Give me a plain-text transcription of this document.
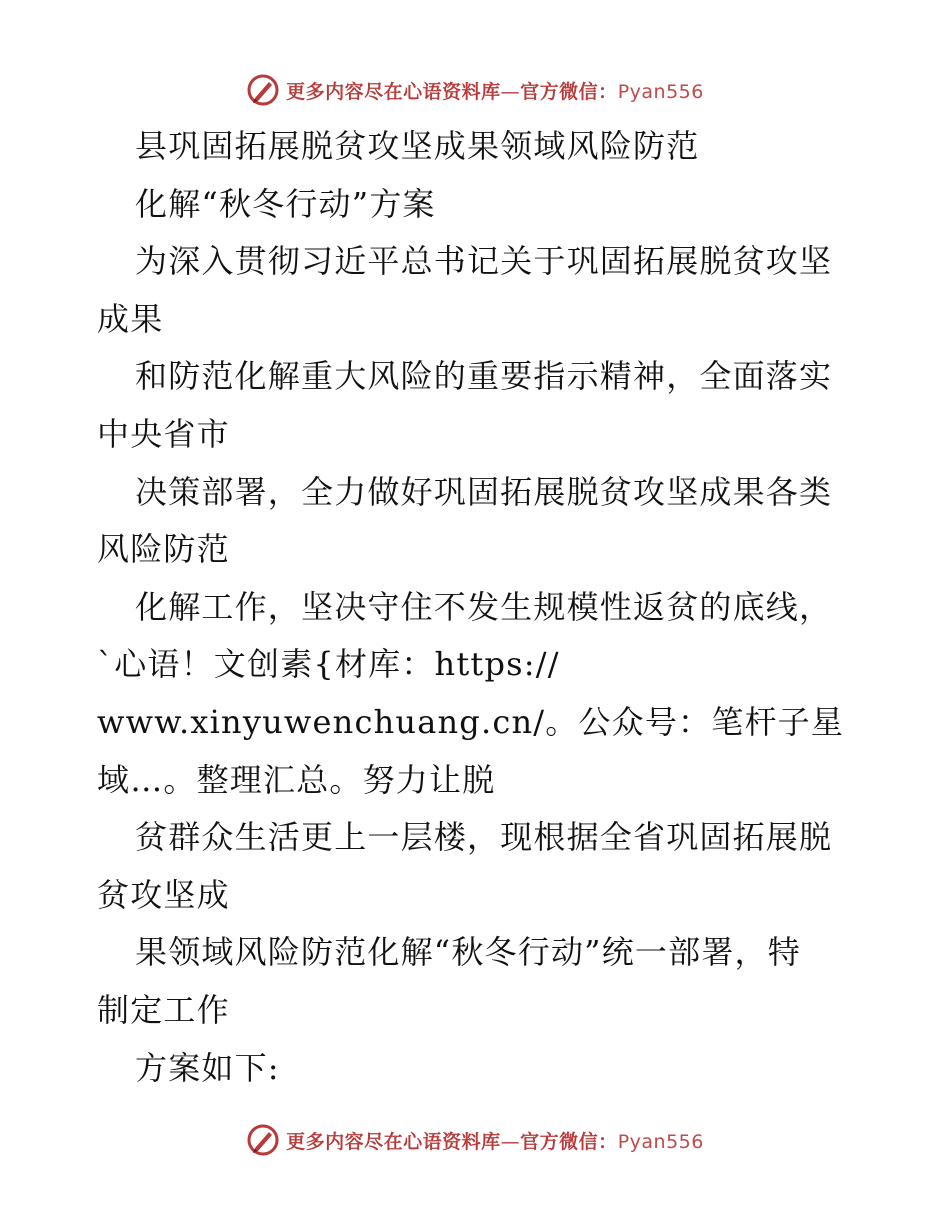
更多内容尽在心语资料库—官方微信：Pyan556
县巩固拓展脱贫攻坚成果领域风险防范
化解“秋冬行动”方案
为深入贯彻习近平总书记关于巩固拓展脱贫攻坚
成果
和防范化解重大风险的重要指示精神，全面落实
中央省市
决策部署，全力做好巩固拓展脱贫攻坚成果各类
风险防范
化解工作，坚决守住不发生规模性返贫的底线，
`心语！文创素{材库：https://
www.xinyuwenchuang.cn/。公众号：笔杆子星
域…。整理汇总。努力让脱
贫群众生活更上一层楼，现根据全省巩固拓展脱
贫攻坚成
果领域风险防范化解“秋冬行动”统一部署，特
制定工作
方案如下:
更多内容尽在心语资料库—官方微信：Pyan556
